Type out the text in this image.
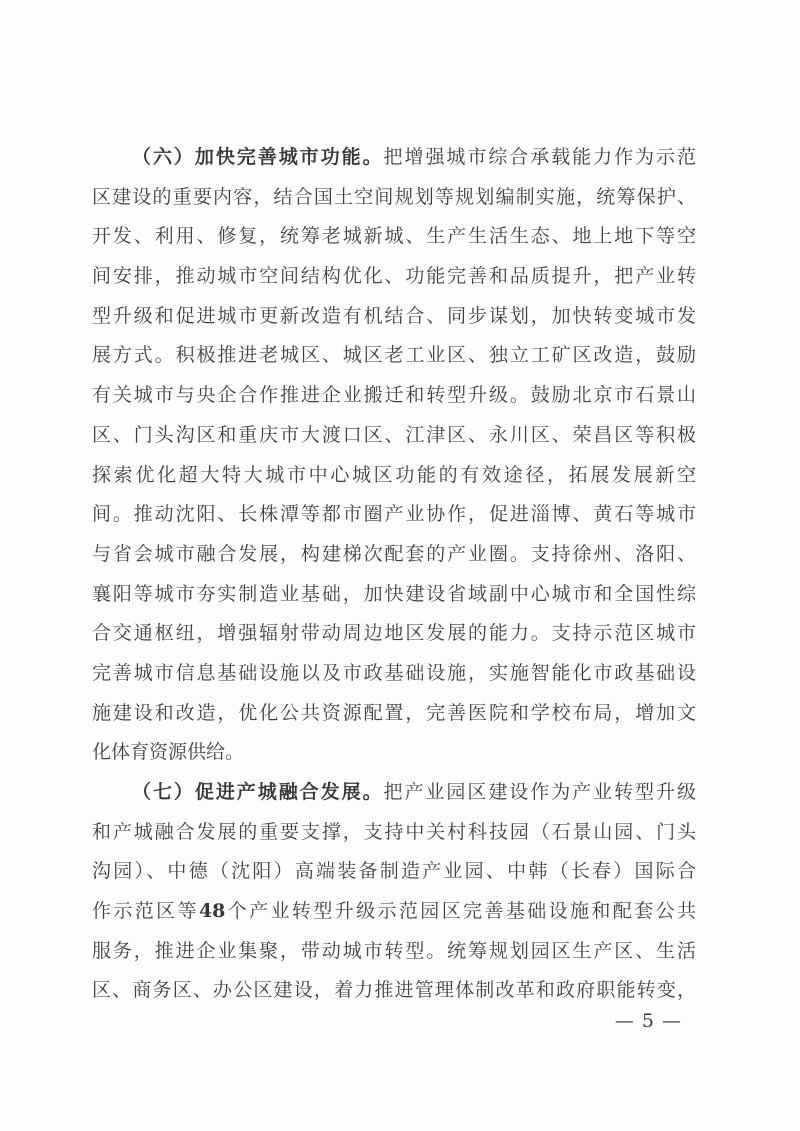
（六）加快完善城市功能。把增强城市综合承载能力作为示范
区建设的重要内容，结合国土空间规划等规划编制实施，统筹保护、
开发、利用、修复，统筹老城新城、生产生活生态、地上地下等空
间安排，推动城市空间结构优化、功能完善和品质提升，把产业转
型升级和促进城市更新改造有机结合、同步谋划，加快转变城市发
展方式。积极推进老城区、城区老工业区、独立工矿区改造，鼓励
有关城市与央企合作推进企业搬迁和转型升级。鼓励北京市石景山
区、门头沟区和重庆市大渡口区、江津区、永川区、荣昌区等积极
探索优化超大特大城市中心城区功能的有效途径，拓展发展新空
间。推动沈阳、长株潭等都市圈产业协作，促进淄博、黄石等城市
与省会城市融合发展，构建梯次配套的产业圈。支持徐州、洛阳、
襄阳等城市夯实制造业基础，加快建设省域副中心城市和全国性综
合交通枢纽，增强辐射带动周边地区发展的能力。支持示范区城市
完善城市信息基础设施以及市政基础设施，实施智能化市政基础设
施建设和改造，优化公共资源配置，完善医院和学校布局，增加文
化体育资源供给。
（七）促进产城融合发展。把产业园区建设作为产业转型升级
和产城融合发展的重要支撑，支持中关村科技园（石景山园、门头
沟园）、中德（沈阳）高端装备制造产业园、中韩（长春）国际合
作示范区等48个产业转型升级示范园区完善基础设施和配套公共
服务，推进企业集聚，带动城市转型。统筹规划园区生产区、生活
区、商务区、办公区建设，着力推进管理体制改革和政府职能转变，
— 5 —
